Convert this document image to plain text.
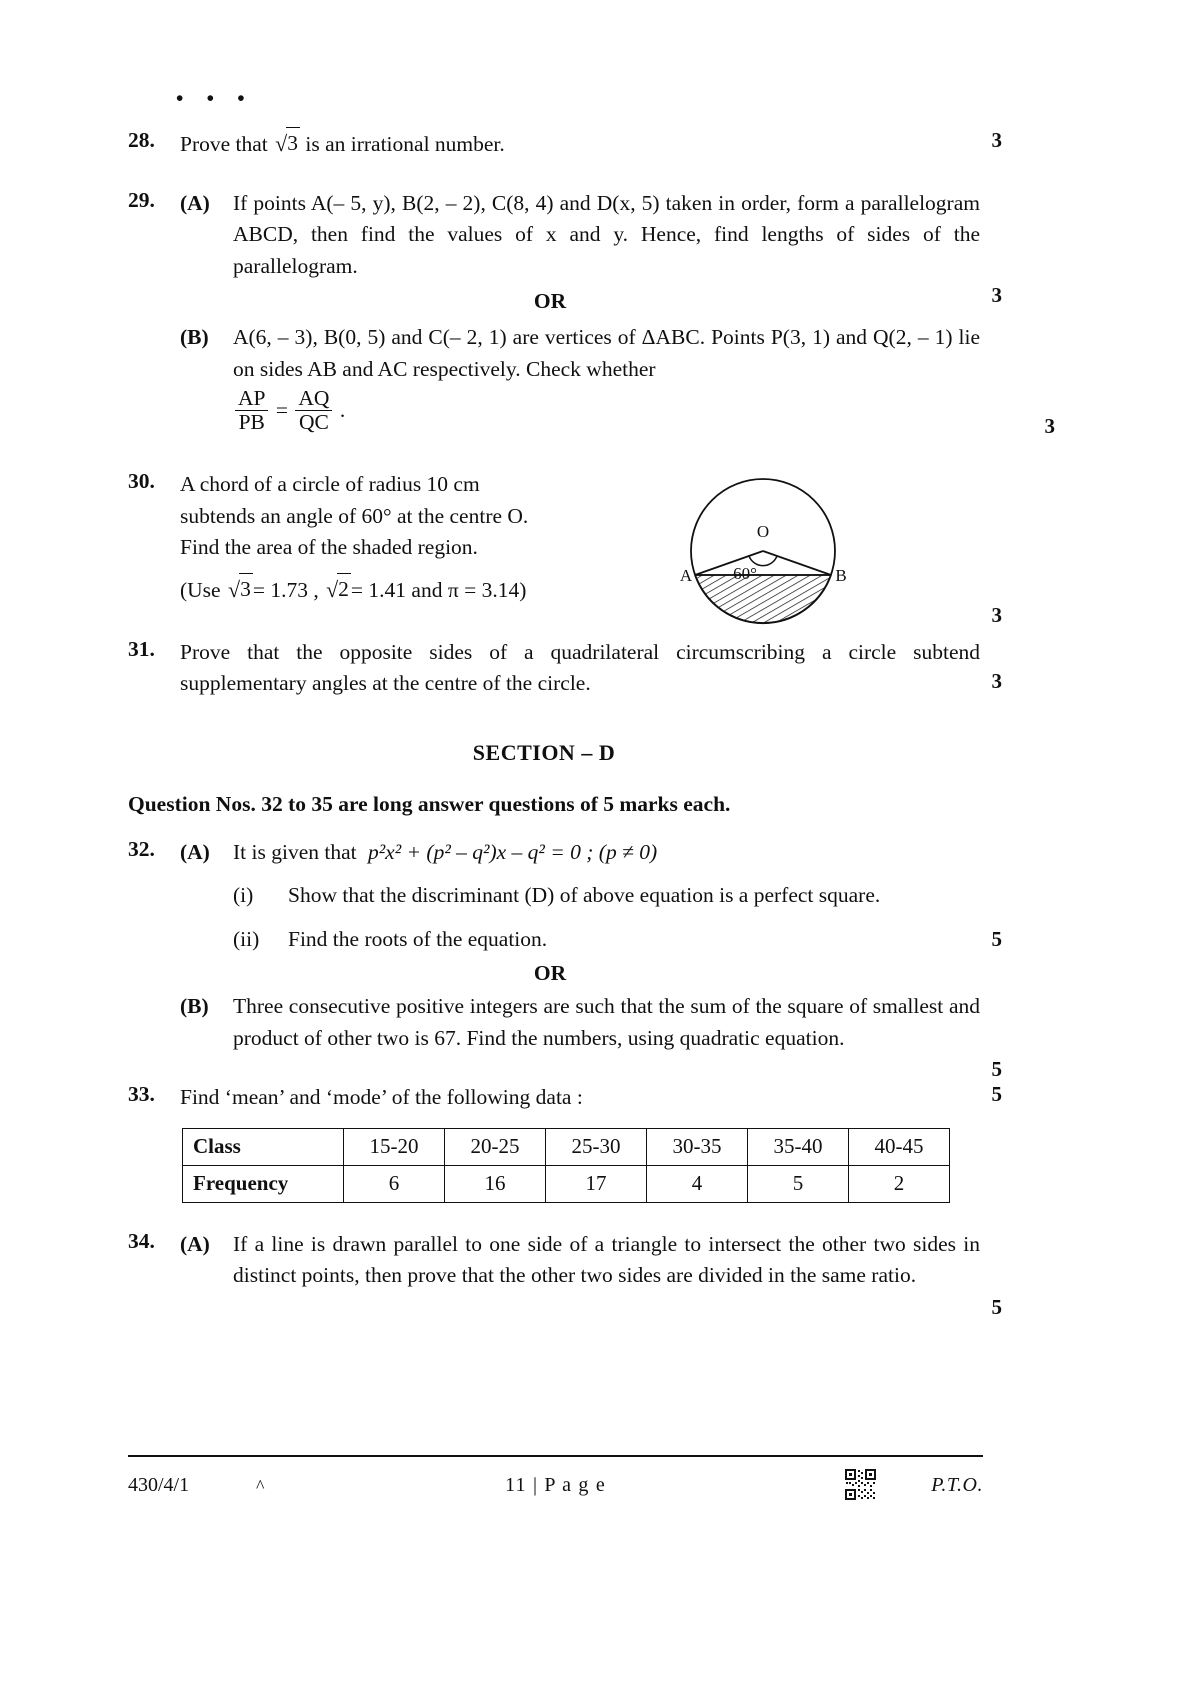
• • •
28.	Prove that √3 is an irrational number.	3
29.	(A) If points A(– 5, y), B(2, – 2), C(8, 4) and D(x, 5) taken in order, form a parallelogram ABCD, then find the values of x and y. Hence, find lengths of sides of the parallelogram.
3
OR
(B) A(6, – 3), B(0, 5) and C(– 2, 1) are vertices of ΔABC. Points P(3, 1) and Q(2, – 1) lie on sides AB and AC respectively. Check whether
$\frac{AP}{PB} = \frac{AQ}{QC}$ .
3
30.	A chord of a circle of radius 10 cm
subtends an angle of 60° at the centre O.
Find the area of the shaded region.
(Use √3= 1.73 , √2= 1.41 and π = 3.14)
O
60°
A	B
3
31.	Prove that the opposite sides of a quadrilateral circumscribing a circle subtend supplementary angles at the centre of the circle.	3
SECTION – D
Question Nos. 32 to 35 are long answer questions of 5 marks each.
32.	(A) It is given that p²x² + (p² – q²)x – q² = 0 ; (p ≠ 0)
(i) Show that the discriminant (D) of above equation is a perfect square.
(ii) Find the roots of the equation.	5
OR
(B) Three consecutive positive integers are such that the sum of the square of smallest and product of other two is 67. Find the numbers, using quadratic equation.
5
33.	Find ‘mean’ and ‘mode’ of the following data :	5
Class	15-20	20-25	25-30	30-35	35-40	40-45
Frequency	6	16	17	4	5	2
34.	(A) If a line is drawn parallel to one side of a triangle to intersect the other two sides in distinct points, then prove that the other two sides are divided in the same ratio.
5
430/4/1	^	11 | P a g e	P.T.O.
